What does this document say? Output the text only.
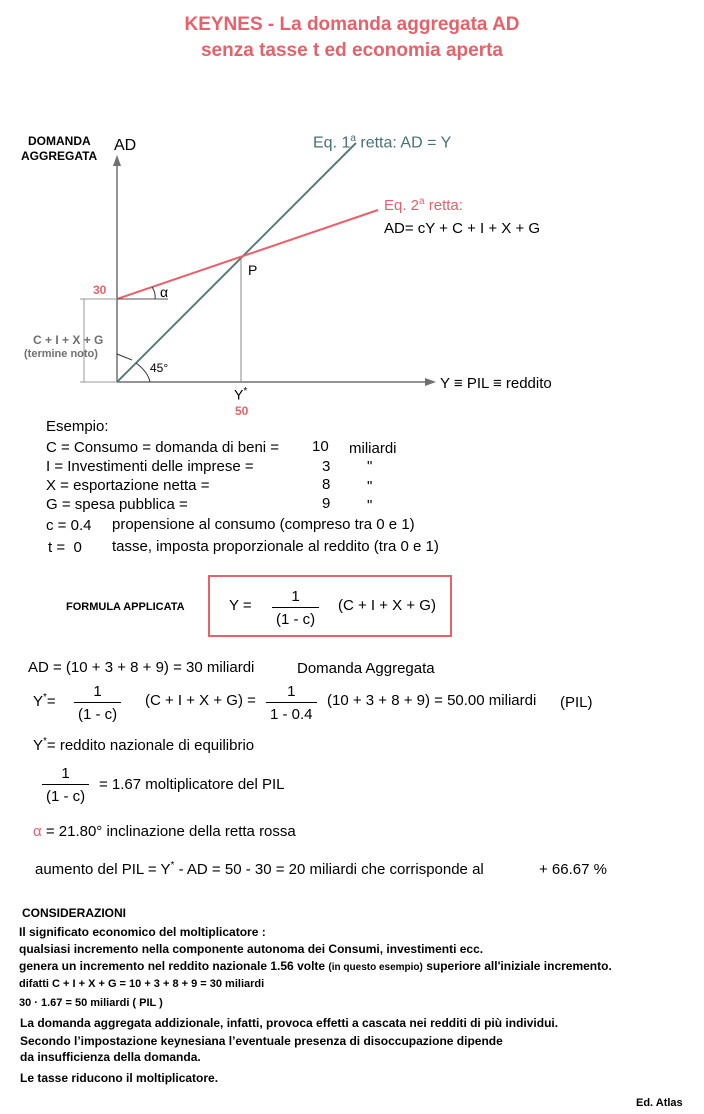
KEYNES - La domanda aggregata AD
senza tasse t ed economia aperta
DOMANDA
AGGREGATA
AD	Eq. 1$^a$ retta: AD = Y
Eq. 2$^a$ retta:
AD= cY + C + I + X + G
P
30	α
C + I + X + G
(termine noto)
45°
Y*
50
Y ≡ PIL ≡ reddito
Esempio:
C = Consumo = domanda di beni = 10 miliardi
I = Investimenti delle imprese =	3 "
X = esportazione netta =	8 "
G = spesa pubblica =	9 "
c = 0.4 propensione al consumo (compreso tra 0 e 1)
t = 0 tasse, imposta proporzionale al reddito (tra 0 e 1)
FORMULA APPLICATA	$Y = \frac{1}{(1 - c)} (C + I + X + G)$
AD = (10 + 3 + 8 + 9) = 30 miliardi	Domanda Aggregata
$Y^*= \frac{1}{(1 - c)} (C + I + X + G) = \frac{1}{1 - 0.4} (10 + 3 + 8 + 9) = 50.00$ miliardi (PIL)
Y*= reddito nazionale di equilibrio
$\frac{1}{(1 - c)} = 1.67$ moltiplicatore del PIL
α = 21.80° inclinazione della retta rossa
aumento del PIL = Y* - AD = 50 - 30 = 20 miliardi che corrisponde al	+ 66.67 %
CONSIDERAZIONI
Il significato economico del moltiplicatore :
qualsiasi incremento nella componente autonoma dei Consumi, investimenti ecc.
genera un incremento nel reddito nazionale 1.56 volte (in questo esempio) superiore all'iniziale incremento.
difatti C + I + X + G = 10 + 3 + 8 + 9 = 30 miliardi
30 · 1.67 = 50 miliardi ( PIL )
La domanda aggregata addizionale, infatti, provoca effetti a cascata nei redditi di più individui.
Secondo l’impostazione keynesiana l’eventuale presenza di disoccupazione dipende
da insufficienza della domanda.
Le tasse riducono il moltiplicatore.
Ed. Atlas
